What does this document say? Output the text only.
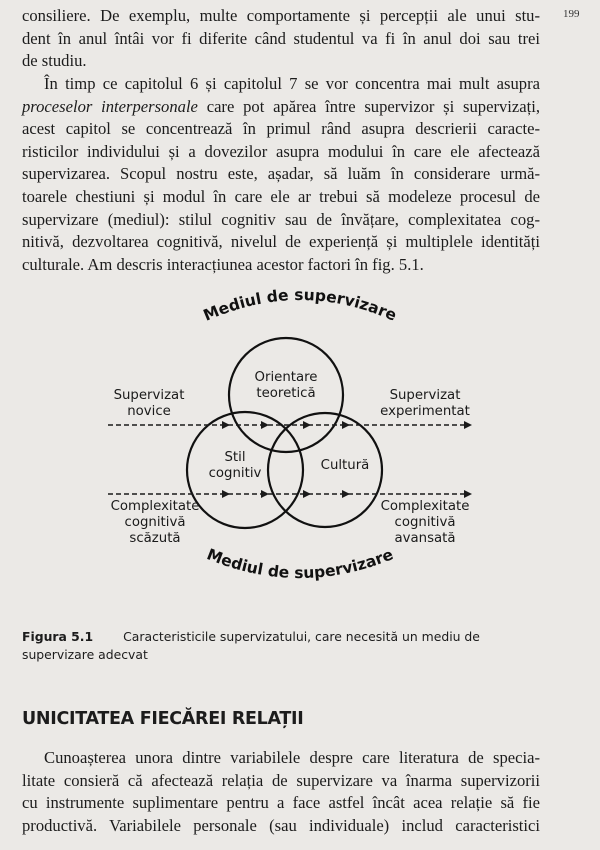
199

consiliere. De exemplu, multe comportamente și percepții ale unui stu-
dent în anul întâi vor fi diferite când studentul va fi în anul doi sau trei
de studiu.

În timp ce capitolul 6 și capitolul 7 se vor concentra mai mult asupra
proceselor interpersonale care pot apărea între supervizor și supervizați,
acest capitol se concentrează în primul rând asupra descrierii caracte-
risticilor individului și a dovezilor asupra modului în care ele afectează
supervizarea. Scopul nostru este, așadar, să luăm în considerare urmă-
toarele chestiuni și modul în care ele ar trebui să modeleze procesul de
supervizare (mediul): stilul cognitiv sau de învățare, complexitatea cog-
nitivă, dezvoltarea cognitivă, nivelul de experiență și multiplele identități
culturale. Am descris interacțiunea acestor factori în fig. 5.1.

Mediul de supervizare
Mediul de supervizare
Orientare
teoretică
Stil
cognitiv
Cultură
Supervizat
novice
Supervizat
experimentat
Complexitate
cognitivă
scăzută
Complexitate
cognitivă
avansată
Figura 5.1 Caracteristicile supervizatului, care necesită un mediu de
supervizare adecvat
UNICITATEA FIECĂREI RELAȚII

Cunoașterea unora dintre variabilele despre care literatura de specia-
litate consieră că afectează relația de supervizare va înarma supervizorii
cu instrumente suplimentare pentru a face astfel încât acea relație să fie
productivă. Variabilele personale (sau individuale) includ caracteristici
